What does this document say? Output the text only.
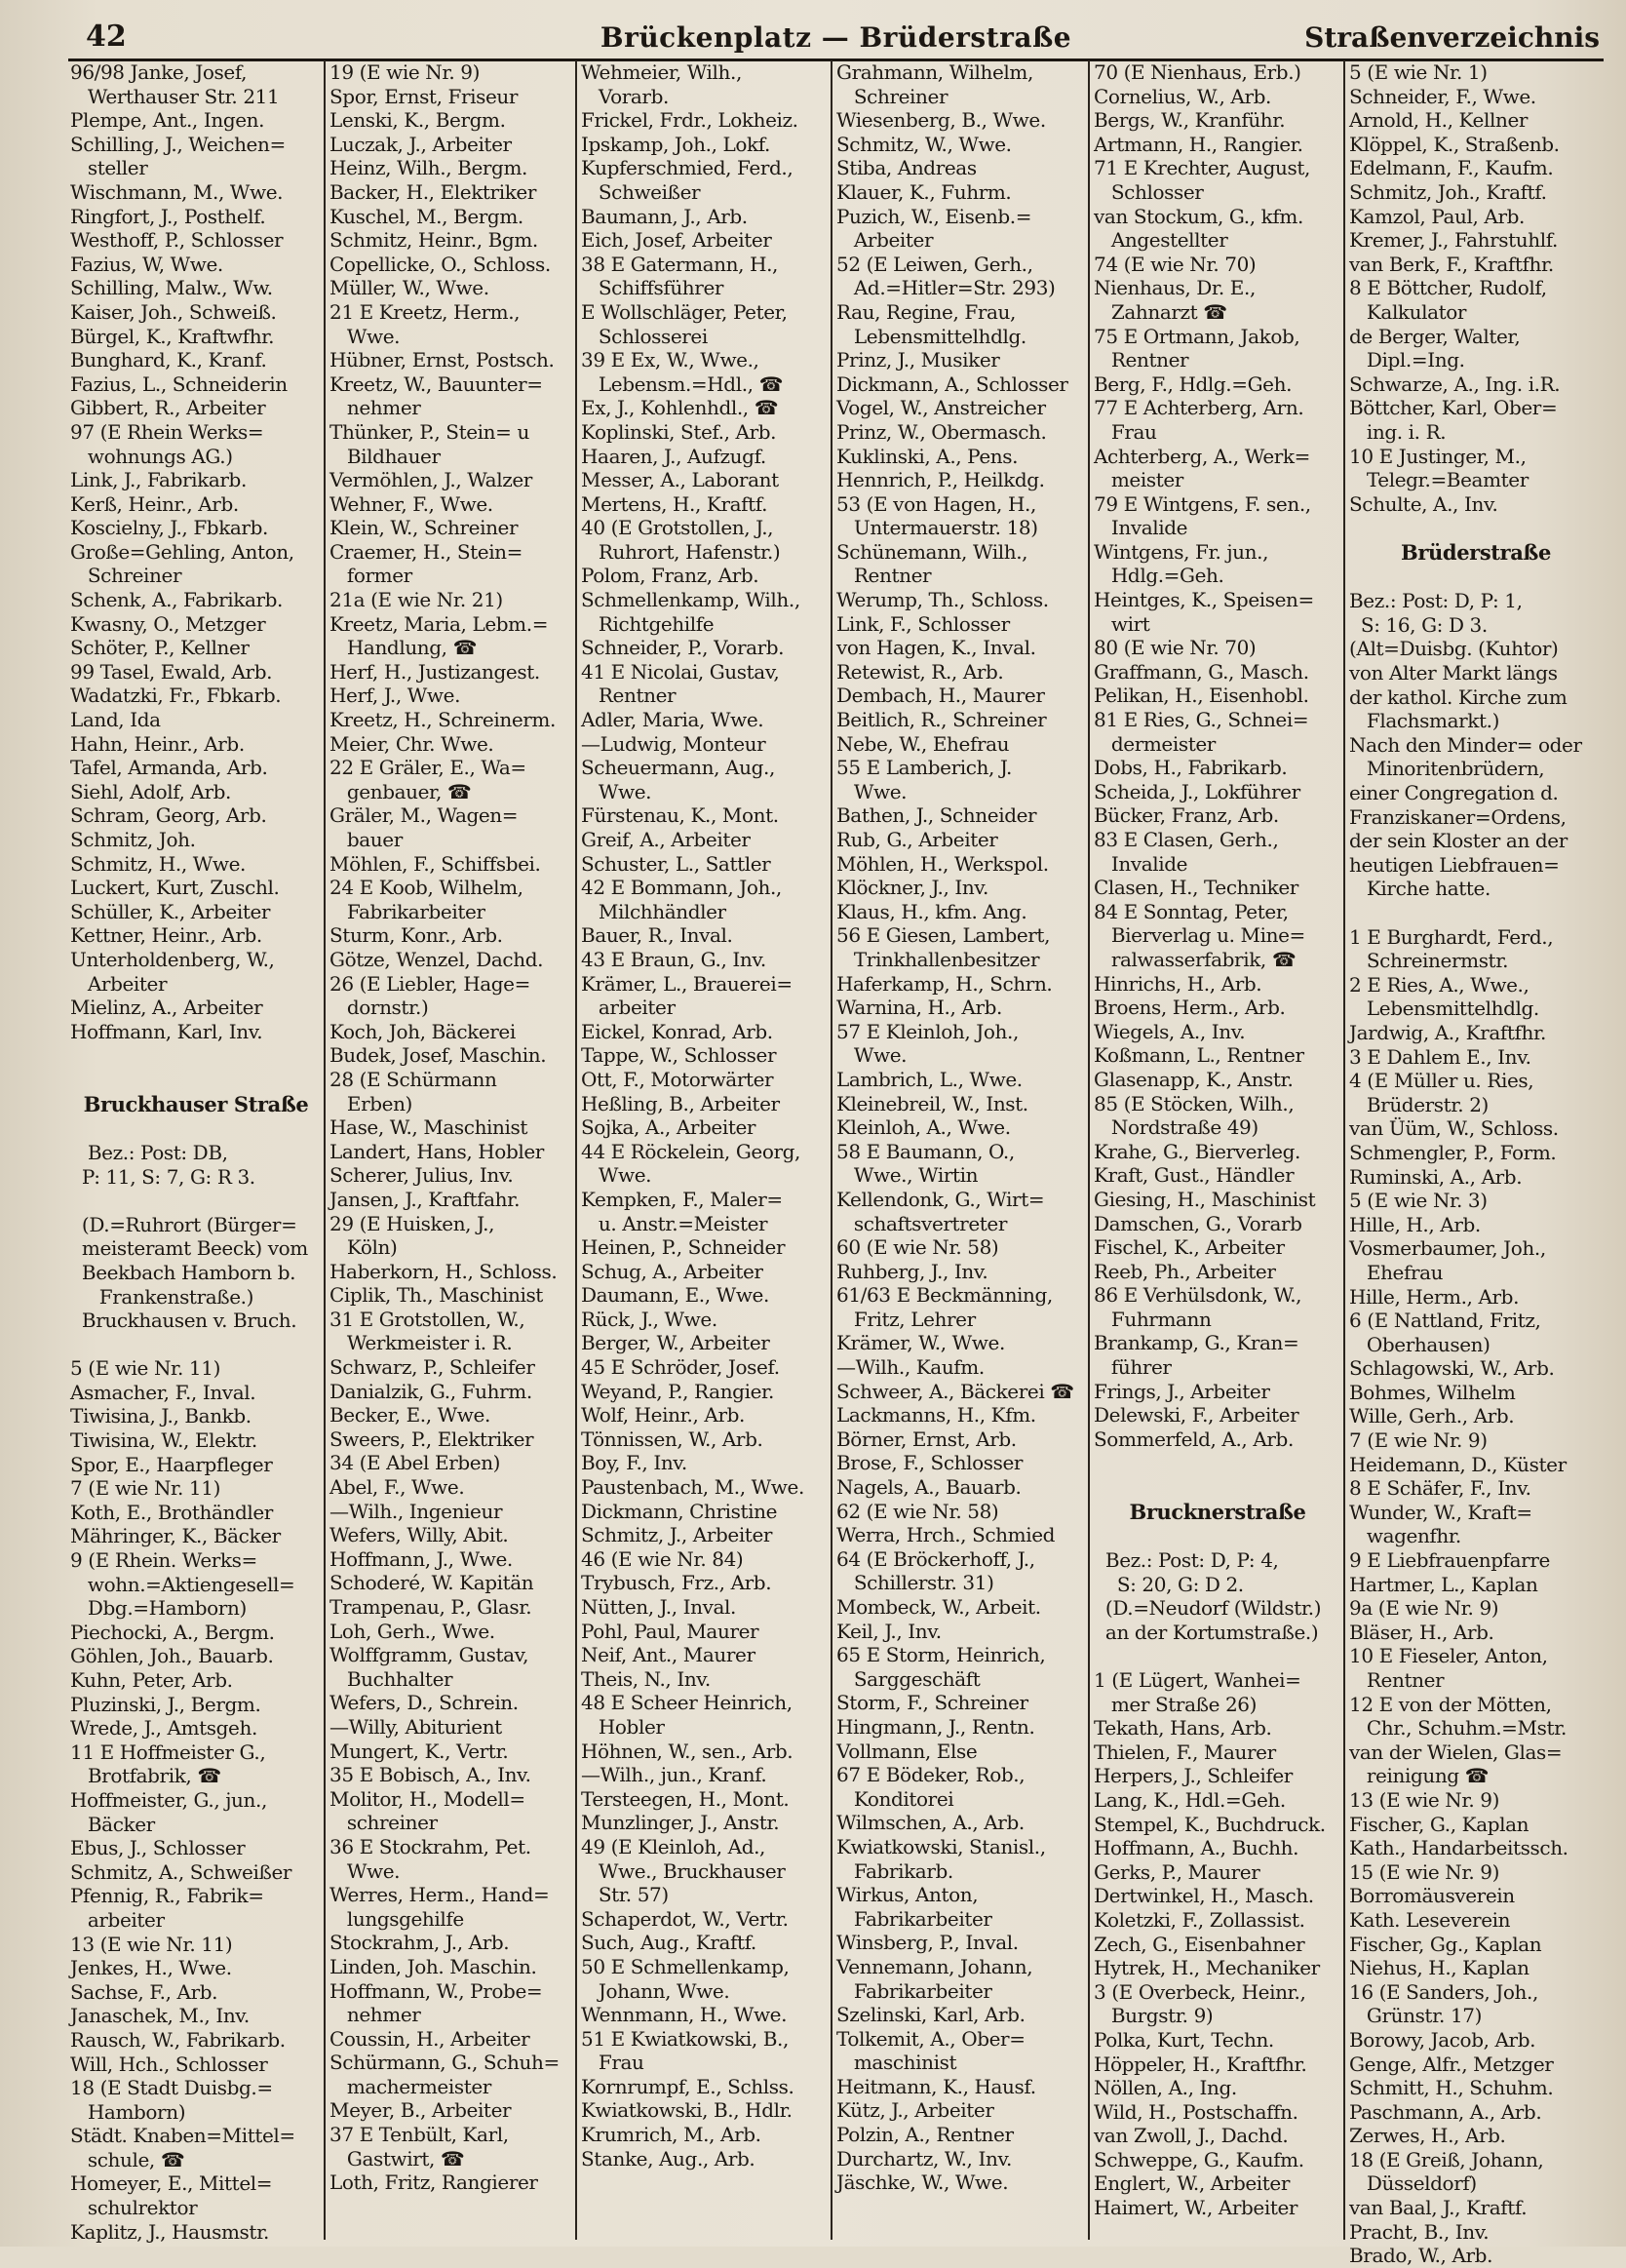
42	Brückenplatz — Brüderstraße	Straßenverzeichnis
96/98 Janke, Josef,
Werthauser Str. 211
Plempe, Ant., Ingen.
Schilling, J., Weichen=
steller
Wischmann, M., Wwe.
Ringfort, J., Posthelf.
Westhoff, P., Schlosser
Fazius, W, Wwe.
Schilling, Malw., Ww.
Kaiser, Joh., Schweiß.
Bürgel, K., Kraftwfhr.
Bunghard, K., Kranf.
Fazius, L., Schneiderin
Gibbert, R., Arbeiter
97 (E Rhein Werks=
wohnungs AG.)
Link, J., Fabrikarb.
Kerß, Heinr., Arb.
Koscielny, J., Fbkarb.
Große=Gehling, Anton,
Schreiner
Schenk, A., Fabrikarb.
Kwasny, O., Metzger
Schöter, P., Kellner
99 Tasel, Ewald, Arb.
Wadatzki, Fr., Fbkarb.
Land, Ida
Hahn, Heinr., Arb.
Tafel, Armanda, Arb.
Siehl, Adolf, Arb.
Schram, Georg, Arb.
Schmitz, Joh.
Schmitz, H., Wwe.
Luckert, Kurt, Zuschl.
Schüller, K., Arbeiter
Kettner, Heinr., Arb.
Unterholdenberg, W.,
Arbeiter
Mielinz, A., Arbeiter
Hoffmann, Karl, Inv.

Bruckhauser Straße

Bez.: Post: DB,
P: 11, S: 7, G: R 3.

(D.=Ruhrort (Bürger=
meisteramt Beeck) vom
Beekbach Hamborn b.
Frankenstraße.)
Bruckhausen v. Bruch.

5 (E wie Nr. 11)
Asmacher, F., Inval.
Tiwisina, J., Bankb.
Tiwisina, W., Elektr.
Spor, E., Haarpfleger
7 (E wie Nr. 11)
Koth, E., Brothändler
Mähringer, K., Bäcker
9 (E Rhein. Werks=
wohn.=Aktiengesell=
Dbg.=Hamborn)
Piechocki, A., Bergm.
Göhlen, Joh., Bauarb.
Kuhn, Peter, Arb.
Pluzinski, J., Bergm.
Wrede, J., Amtsgeh.
11 E Hoffmeister G.,
Brotfabrik, ☎
Hoffmeister, G., jun.,
Bäcker
Ebus, J., Schlosser
Schmitz, A., Schweißer
Pfennig, R., Fabrik=
arbeiter
13 (E wie Nr. 11)
Jenkes, H., Wwe.
Sachse, F., Arb.
Janaschek, M., Inv.
Rausch, W., Fabrikarb.
Will, Hch., Schlosser
18 (E Stadt Duisbg.=
Hamborn)
Städt. Knaben=Mittel=
schule, ☎
Homeyer, E., Mittel=
schulrektor
Kaplitz, J., Hausmstr.
19 (E wie Nr. 9)
Spor, Ernst, Friseur
Lenski, K., Bergm.
Luczak, J., Arbeiter
Heinz, Wilh., Bergm.
Backer, H., Elektriker
Kuschel, M., Bergm.
Schmitz, Heinr., Bgm.
Copellicke, O., Schloss.
Müller, W., Wwe.
21 E Kreetz, Herm.,
Wwe.
Hübner, Ernst, Postsch.
Kreetz, W., Bauunter=
nehmer
Thünker, P., Stein= u
Bildhauer
Vermöhlen, J., Walzer
Wehner, F., Wwe.
Klein, W., Schreiner
Craemer, H., Stein=
former
21a (E wie Nr. 21)
Kreetz, Maria, Lebm.=
Handlung, ☎
Herf, H., Justizangest.
Herf, J., Wwe.
Kreetz, H., Schreinerm.
Meier, Chr. Wwe.
22 E Gräler, E., Wa=
genbauer, ☎
Gräler, M., Wagen=
bauer
Möhlen, F., Schiffsbei.
24 E Koob, Wilhelm,
Fabrikarbeiter
Sturm, Konr., Arb.
Götze, Wenzel, Dachd.
26 (E Liebler, Hage=
dornstr.)
Koch, Joh, Bäckerei
Budek, Josef, Maschin.
28 (E Schürmann
Erben)
Hase, W., Maschinist
Landert, Hans, Hobler
Scherer, Julius, Inv.
Jansen, J., Kraftfahr.
29 (E Huisken, J.,
Köln)
Haberkorn, H., Schloss.
Ciplik, Th., Maschinist
31 E Grotstollen, W.,
Werkmeister i. R.
Schwarz, P., Schleifer
Danialzik, G., Fuhrm.
Becker, E., Wwe.
Sweers, P., Elektriker
34 (E Abel Erben)
Abel, F., Wwe.
—Wilh., Ingenieur
Wefers, Willy, Abit.
Hoffmann, J., Wwe.
Schoderé, W. Kapitän
Trampenau, P., Glasr.
Loh, Gerh., Wwe.
Wolffgramm, Gustav,
Buchhalter
Wefers, D., Schrein.
—Willy, Abiturient
Mungert, K., Vertr.
35 E Bobisch, A., Inv.
Molitor, H., Modell=
schreiner
36 E Stockrahm, Pet.
Wwe.
Werres, Herm., Hand=
lungsgehilfe
Stockrahm, J., Arb.
Linden, Joh. Maschin.
Hoffmann, W., Probe=
nehmer
Coussin, H., Arbeiter
Schürmann, G., Schuh=
machermeister
Meyer, B., Arbeiter
37 E Tenbült, Karl,
Gastwirt, ☎
Loth, Fritz, Rangierer
Wehmeier, Wilh.,
Vorarb.
Frickel, Frdr., Lokheiz.
Ipskamp, Joh., Lokf.
Kupferschmied, Ferd.,
Schweißer
Baumann, J., Arb.
Eich, Josef, Arbeiter
38 E Gatermann, H.,
Schiffsführer
E Wollschläger, Peter,
Schlosserei
39 E Ex, W., Wwe.,
Lebensm.=Hdl., ☎
Ex, J., Kohlenhdl., ☎
Koplinski, Stef., Arb.
Haaren, J., Aufzugf.
Messer, A., Laborant
Mertens, H., Kraftf.
40 (E Grotstollen, J.,
Ruhrort, Hafenstr.)
Polom, Franz, Arb.
Schmellenkamp, Wilh.,
Richtgehilfe
Schneider, P., Vorarb.
41 E Nicolai, Gustav,
Rentner
Adler, Maria, Wwe.
—Ludwig, Monteur
Scheuermann, Aug.,
Wwe.
Fürstenau, K., Mont.
Greif, A., Arbeiter
Schuster, L., Sattler
42 E Bommann, Joh.,
Milchhändler
Bauer, R., Inval.
43 E Braun, G., Inv.
Krämer, L., Brauerei=
arbeiter
Eickel, Konrad, Arb.
Tappe, W., Schlosser
Ott, F., Motorwärter
Heßling, B., Arbeiter
Sojka, A., Arbeiter
44 E Röckelein, Georg,
Wwe.
Kempken, F., Maler=
u. Anstr.=Meister
Heinen, P., Schneider
Schug, A., Arbeiter
Daumann, E., Wwe.
Rück, J., Wwe.
Berger, W., Arbeiter
45 E Schröder, Josef.
Weyand, P., Rangier.
Wolf, Heinr., Arb.
Tönnissen, W., Arb.
Boy, F., Inv.
Paustenbach, M., Wwe.
Dickmann, Christine
Schmitz, J., Arbeiter
46 (E wie Nr. 84)
Trybusch, Frz., Arb.
Nütten, J., Inval.
Pohl, Paul, Maurer
Neif, Ant., Maurer
Theis, N., Inv.
48 E Scheer Heinrich,
Hobler
Höhnen, W., sen., Arb.
—Wilh., jun., Kranf.
Tersteegen, H., Mont.
Munzlinger, J., Anstr.
49 (E Kleinloh, Ad.,
Wwe., Bruckhauser
Str. 57)
Schaperdot, W., Vertr.
Such, Aug., Kraftf.
50 E Schmellenkamp,
Johann, Wwe.
Wennmann, H., Wwe.
51 E Kwiatkowski, B.,
Frau
Kornrumpf, E., Schlss.
Kwiatkowski, B., Hdlr.
Krumrich, M., Arb.
Stanke, Aug., Arb.
Grahmann, Wilhelm,
Schreiner
Wiesenberg, B., Wwe.
Schmitz, W., Wwe.
Stiba, Andreas
Klauer, K., Fuhrm.
Puzich, W., Eisenb.=
Arbeiter
52 (E Leiwen, Gerh.,
Ad.=Hitler=Str. 293)
Rau, Regine, Frau,
Lebensmittelhdlg.
Prinz, J., Musiker
Dickmann, A., Schlosser
Vogel, W., Anstreicher
Prinz, W., Obermasch.
Kuklinski, A., Pens.
Hennrich, P., Heilkdg.
53 (E von Hagen, H.,
Untermauerstr. 18)
Schünemann, Wilh.,
Rentner
Werump, Th., Schloss.
Link, F., Schlosser
von Hagen, K., Inval.
Retewist, R., Arb.
Dembach, H., Maurer
Beitlich, R., Schreiner
Nebe, W., Ehefrau
55 E Lamberich, J.
Wwe.
Bathen, J., Schneider
Rub, G., Arbeiter
Möhlen, H., Werkspol.
Klöckner, J., Inv.
Klaus, H., kfm. Ang.
56 E Giesen, Lambert,
Trinkhallenbesitzer
Haferkamp, H., Schrn.
Warnina, H., Arb.
57 E Kleinloh, Joh.,
Wwe.
Lambrich, L., Wwe.
Kleinebreil, W., Inst.
Kleinloh, A., Wwe.
58 E Baumann, O.,
Wwe., Wirtin
Kellendonk, G., Wirt=
schaftsvertreter
60 (E wie Nr. 58)
Ruhberg, J., Inv.
61/63 E Beckmänning,
Fritz, Lehrer
Krämer, W., Wwe.
—Wilh., Kaufm.
Schweer, A., Bäckerei ☎
Lackmanns, H., Kfm.
Börner, Ernst, Arb.
Brose, F., Schlosser
Nagels, A., Bauarb.
62 (E wie Nr. 58)
Werra, Hrch., Schmied
64 (E Bröckerhoff, J.,
Schillerstr. 31)
Mombeck, W., Arbeit.
Keil, J., Inv.
65 E Storm, Heinrich,
Sarggeschäft
Storm, F., Schreiner
Hingmann, J., Rentn.
Vollmann, Else
67 E Bödeker, Rob.,
Konditorei
Wilmschen, A., Arb.
Kwiatkowski, Stanisl.,
Fabrikarb.
Wirkus, Anton,
Fabrikarbeiter
Winsberg, P., Inval.
Vennemann, Johann,
Fabrikarbeiter
Szelinski, Karl, Arb.
Tolkemit, A., Ober=
maschinist
Heitmann, K., Hausf.
Kütz, J., Arbeiter
Polzin, A., Rentner
Durchartz, W., Inv.
Jäschke, W., Wwe.
70 (E Nienhaus, Erb.)
Cornelius, W., Arb.
Bergs, W., Kranführ.
Artmann, H., Rangier.
71 E Krechter, August,
Schlosser
van Stockum, G., kfm.
Angestellter
74 (E wie Nr. 70)
Nienhaus, Dr. E.,
Zahnarzt ☎
75 E Ortmann, Jakob,
Rentner
Berg, F., Hdlg.=Geh.
77 E Achterberg, Arn.
Frau
Achterberg, A., Werk=
meister
79 E Wintgens, F. sen.,
Invalide
Wintgens, Fr. jun.,
Hdlg.=Geh.
Heintges, K., Speisen=
wirt
80 (E wie Nr. 70)
Graffmann, G., Masch.
Pelikan, H., Eisenhobl.
81 E Ries, G., Schnei=
dermeister
Dobs, H., Fabrikarb.
Scheida, J., Lokführer
Bücker, Franz, Arb.
83 E Clasen, Gerh.,
Invalide
Clasen, H., Techniker
84 E Sonntag, Peter,
Bierverlag u. Mine=
ralwasserfabrik, ☎
Hinrichs, H., Arb.
Broens, Herm., Arb.
Wiegels, A., Inv.
Koßmann, L., Rentner
Glasenapp, K., Anstr.
85 (E Stöcken, Wilh.,
Nordstraße 49)
Krahe, G., Bierverleg.
Kraft, Gust., Händler
Giesing, H., Maschinist
Damschen, G., Vorarb
Fischel, K., Arbeiter
Reeb, Ph., Arbeiter
86 E Verhülsdonk, W.,
Fuhrmann
Brankamp, G., Kran=
führer
Frings, J., Arbeiter
Delewski, F., Arbeiter
Sommerfeld, A., Arb.

Brucknerstraße

Bez.: Post: D, P: 4,
S: 20, G: D 2.
(D.=Neudorf (Wildstr.)
an der Kortumstraße.)

1 (E Lügert, Wanhei=
mer Straße 26)
Tekath, Hans, Arb.
Thielen, F., Maurer
Herpers, J., Schleifer
Lang, K., Hdl.=Geh.
Stempel, K., Buchdruck.
Hoffmann, A., Buchh.
Gerks, P., Maurer
Dertwinkel, H., Masch.
Koletzki, F., Zollassist.
Zech, G., Eisenbahner
Hytrek, H., Mechaniker
3 (E Overbeck, Heinr.,
Burgstr. 9)
Polka, Kurt, Techn.
Höppeler, H., Kraftfhr.
Nöllen, A., Ing.
Wild, H., Postschaffn.
van Zwoll, J., Dachd.
Schweppe, G., Kaufm.
Englert, W., Arbeiter
Haimert, W., Arbeiter
5 (E wie Nr. 1)
Schneider, F., Wwe.
Arnold, H., Kellner
Klöppel, K., Straßenb.
Edelmann, F., Kaufm.
Schmitz, Joh., Kraftf.
Kamzol, Paul, Arb.
Kremer, J., Fahrstuhlf.
van Berk, F., Kraftfhr.
8 E Böttcher, Rudolf,
Kalkulator
de Berger, Walter,
Dipl.=Ing.
Schwarze, A., Ing. i.R.
Böttcher, Karl, Ober=
ing. i. R.
10 E Justinger, M.,
Telegr.=Beamter
Schulte, A., Inv.

Brüderstraße

Bez.: Post: D, P: 1,
S: 16, G: D 3.
(Alt=Duisbg. (Kuhtor)
von Alter Markt längs
der kathol. Kirche zum
Flachsmarkt.)
Nach den Minder= oder
Minoritenbrüdern,
einer Congregation d.
Franziskaner=Ordens,
der sein Kloster an der
heutigen Liebfrauen=
Kirche hatte.

1 E Burghardt, Ferd.,
Schreinermstr.
2 E Ries, A., Wwe.,
Lebensmittelhdlg.
Jardwig, A., Kraftfhr.
3 E Dahlem E., Inv.
4 (E Müller u. Ries,
Brüderstr. 2)
van Üüm, W., Schloss.
Schmengler, P., Form.
Ruminski, A., Arb.
5 (E wie Nr. 3)
Hille, H., Arb.
Vosmerbaumer, Joh.,
Ehefrau
Hille, Herm., Arb.
6 (E Nattland, Fritz,
Oberhausen)
Schlagowski, W., Arb.
Bohmes, Wilhelm
Wille, Gerh., Arb.
7 (E wie Nr. 9)
Heidemann, D., Küster
8 E Schäfer, F., Inv.
Wunder, W., Kraft=
wagenfhr.
9 E Liebfrauenpfarre
Hartmer, L., Kaplan
9a (E wie Nr. 9)
Bläser, H., Arb.
10 E Fieseler, Anton,
Rentner
12 E von der Mötten,
Chr., Schuhm.=Mstr.
van der Wielen, Glas=
reinigung ☎
13 (E wie Nr. 9)
Fischer, G., Kaplan
Kath., Handarbeitssch.
15 (E wie Nr. 9)
Borromäusverein
Kath. Leseverein
Fischer, Gg., Kaplan
Niehus, H., Kaplan
16 (E Sanders, Joh.,
Grünstr. 17)
Borowy, Jacob, Arb.
Genge, Alfr., Metzger
Schmitt, H., Schuhm.
Paschmann, A., Arb.
Zerwes, H., Arb.
18 (E Greiß, Johann,
Düsseldorf)
van Baal, J., Kraftf.
Pracht, B., Inv.
Brado, W., Arb.
